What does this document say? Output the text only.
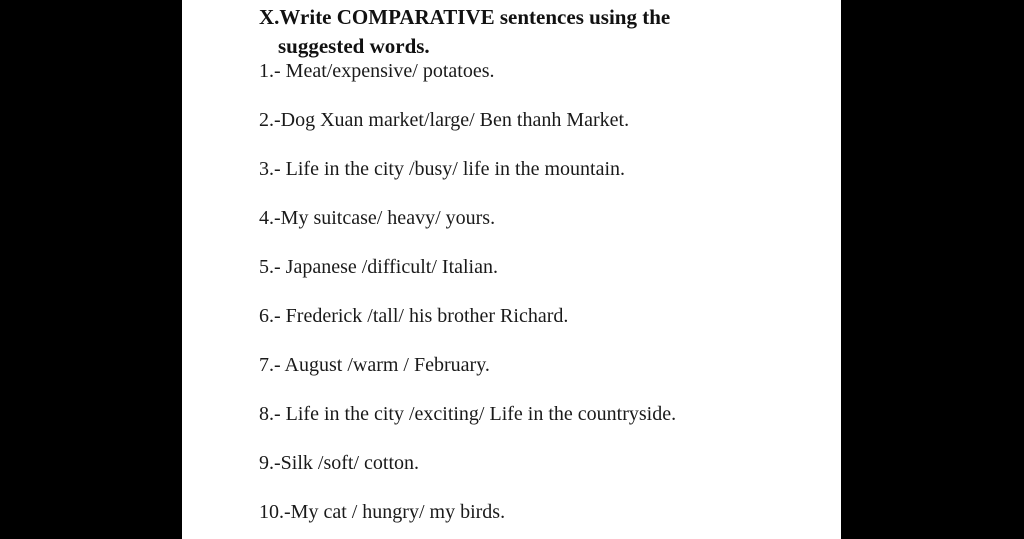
X.Write COMPARATIVE sentences using the
suggested words.
1.- Meat/expensive/ potatoes.
2.-Dog Xuan market/large/ Ben thanh Market.
3.- Life in the city /busy/ life in the mountain.
4.-My suitcase/ heavy/ yours.
5.- Japanese /difficult/ Italian.
6.- Frederick /tall/ his brother Richard.
7.- August /warm / February.
8.- Life in the city /exciting/ Life in the countryside.
9.-Silk /soft/ cotton.
10.-My cat / hungry/ my birds.
